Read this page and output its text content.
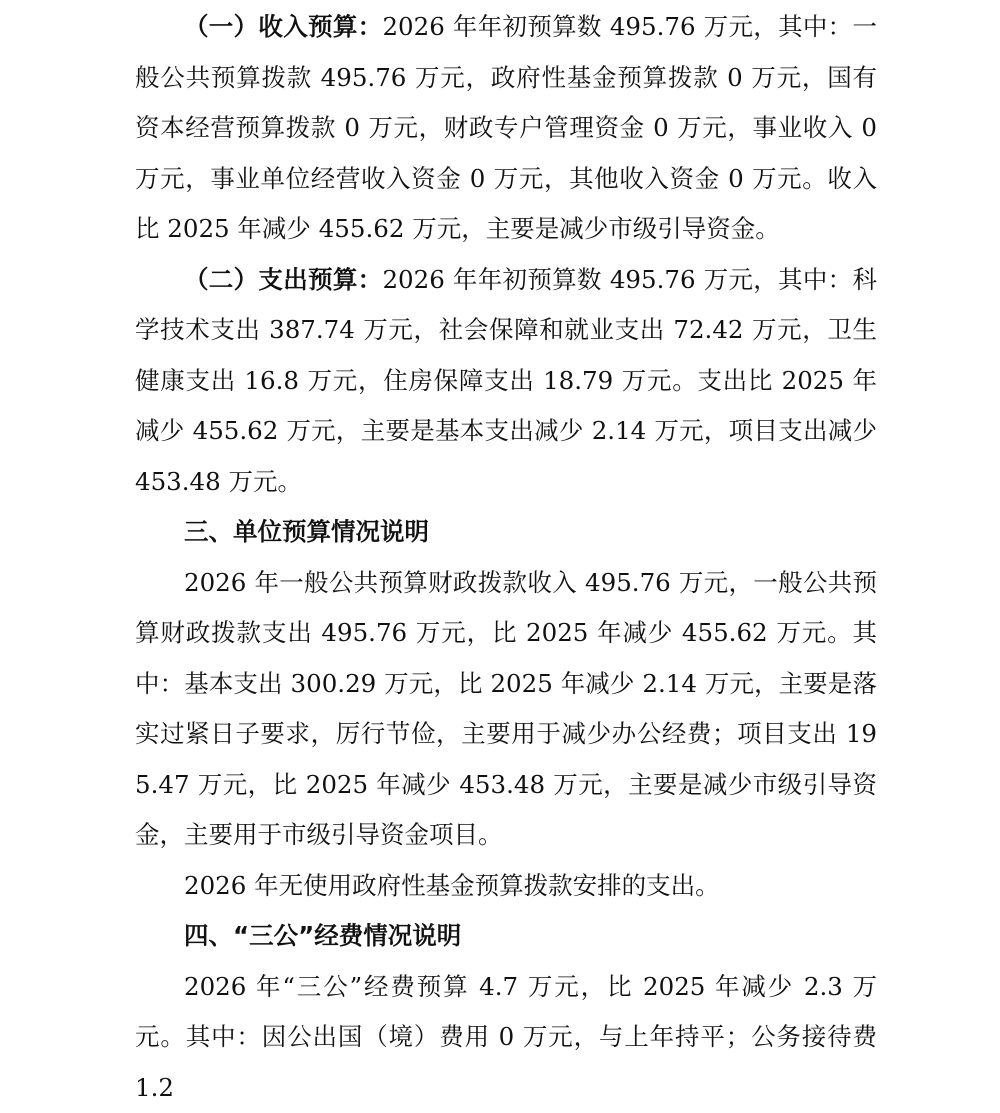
（一）收入预算：2026 年年初预算数 495.76 万元，其中：一般公共预算拨款 495.76 万元，政府性基金预算拨款 0 万元，国有资本经营预算拨款 0 万元，财政专户管理资金 0 万元，事业收入 0 万元，事业单位经营收入资金 0 万元，其他收入资金 0 万元。收入比 2025 年减少 455.62 万元，主要是减少市级引导资金。

（二）支出预算：2026 年年初预算数 495.76 万元，其中：科学技术支出 387.74 万元，社会保障和就业支出 72.42 万元，卫生健康支出 16.8 万元，住房保障支出 18.79 万元。支出比 2025 年减少 455.62 万元，主要是基本支出减少 2.14 万元，项目支出减少 453.48 万元。

三、单位预算情况说明

2026 年一般公共预算财政拨款收入 495.76 万元，一般公共预算财政拨款支出 495.76 万元，比 2025 年减少 455.62 万元。其中：基本支出 300.29 万元，比 2025 年减少 2.14 万元，主要是落实过紧日子要求，厉行节俭，主要用于减少办公经费；项目支出 195.47 万元，比 2025 年减少 453.48 万元，主要是减少市级引导资金，主要用于市级引导资金项目。

2026 年无使用政府性基金预算拨款安排的支出。

四、“三公”经费情况说明

2026 年“三公”经费预算 4.7 万元，比 2025 年减少 2.3 万元。其中：因公出国（境）费用 0 万元，与上年持平；公务接待费 1.2
